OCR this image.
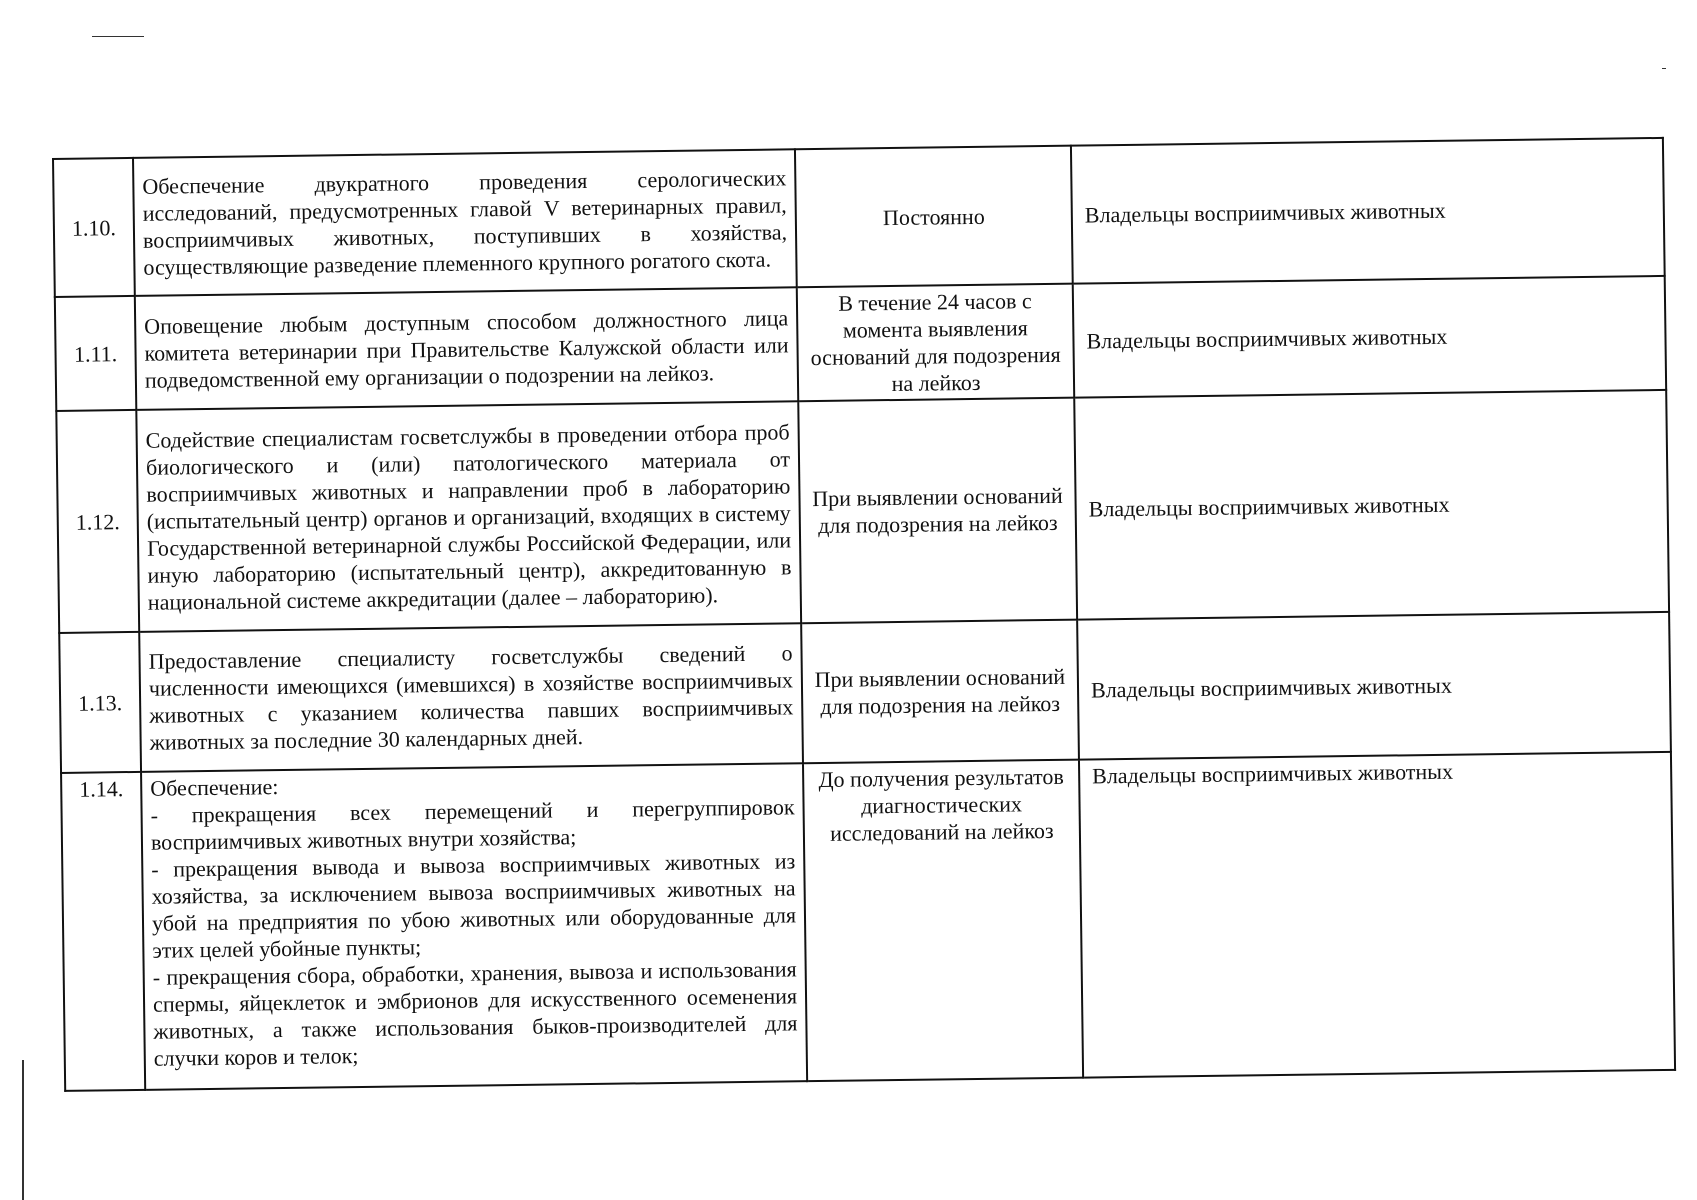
1.10.	Обеспечение двукратного проведения серологических исследований, предусмотренных главой V ветеринарных правил, восприимчивых животных, поступивших в хозяйства, осуществляющие разведение племенного крупного рогатого скота.	Постоянно	Владельцы восприимчивых животных
1.11.	Оповещение любым доступным способом должностного лица комитета ветеринарии при Правительстве Калужской области или подведомственной ему организации о подозрении на лейкоз.	В течение 24 часов с момента выявления оснований для подозрения на лейкоз	Владельцы восприимчивых животных
1.12.	Содействие специалистам госветслужбы в проведении отбора проб биологического и (или) патологического материала от восприимчивых животных и направлении проб в лабораторию (испытательный центр) органов и организаций, входящих в систему Государственной ветеринарной службы Российской Федерации, или иную лабораторию (испытательный центр), аккредитованную в национальной системе аккредитации (далее – лабораторию).	При выявлении оснований для подозрения на лейкоз	Владельцы восприимчивых животных
1.13.	Предоставление специалисту госветслужбы сведений о численности имеющихся (имевшихся) в хозяйстве восприимчивых животных с указанием количества павших восприимчивых животных за последние 30 календарных дней.	При выявлении оснований для подозрения на лейкоз	Владельцы восприимчивых животных
1.14.	Обеспечение:
- прекращения всех перемещений и перегруппировок восприимчивых животных внутри хозяйства;
- прекращения вывода и вывоза восприимчивых животных из хозяйства, за исключением вывоза восприимчивых животных на убой на предприятия по убою животных или оборудованные для этих целей убойные пункты;
- прекращения сбора, обработки, хранения, вывоза и использования спермы, яйцеклеток и эмбрионов для искусственного осеменения животных, а также использования быков-производителей для случки коров и телок;	До получения результатов диагностических исследований на лейкоз	Владельцы восприимчивых животных
